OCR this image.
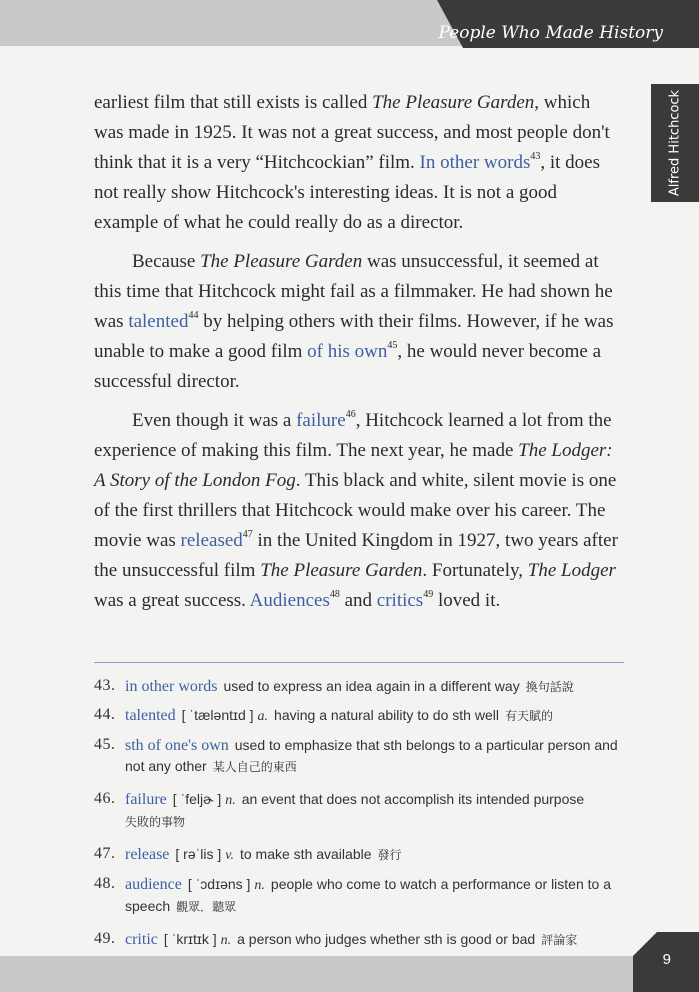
People Who Made History
Alfred Hitchcock

earliest film that still exists is called The Pleasure Garden, which was made in 1925. It was not a great success, and most people don't think that it is a very “Hitchcockian” film. In other words$^{43}$, it does not really show Hitchcock's interesting ideas. It is not a good example of what he could really do as a director.

Because The Pleasure Garden was unsuccessful, it seemed at this time that Hitchcock might fail as a filmmaker. He had shown he was talented$^{44}$ by helping others with their films. However, if he was unable to make a good film of his own$^{45}$, he would never become a successful director.

Even though it was a failure$^{46}$, Hitchcock learned a lot from the experience of making this film. The next year, he made The Lodger: A Story of the London Fog. This black and white, silent movie is one of the first thrillers that Hitchcock would make over his career. The movie was released$^{47}$ in the United Kingdom in 1927, two years after the unsuccessful film The Pleasure Garden. Fortunately, The Lodger was a great success. Audiences$^{48}$ and critics$^{49}$ loved it.

43. in other words used to express an idea again in a different way 換句話說
44. talented [ ˈtæləntɪd ] a. having a natural ability to do sth well 有天賦的
45. sth of one's own used to emphasize that sth belongs to a particular person and not any other 某人自己的東西
46. failure [ ˈfeljɚ ] n. an event that does not accomplish its intended purpose
失敗的事物
47. release [ rəˈlis ] v. to make sth available 發行
48. audience [ ˈɔdɪəns ] n. people who come to watch a performance or listen to a speech 觀眾．聽眾
49. critic [ ˈkrɪtɪk ] n. a person who judges whether sth is good or bad 評論家
9
